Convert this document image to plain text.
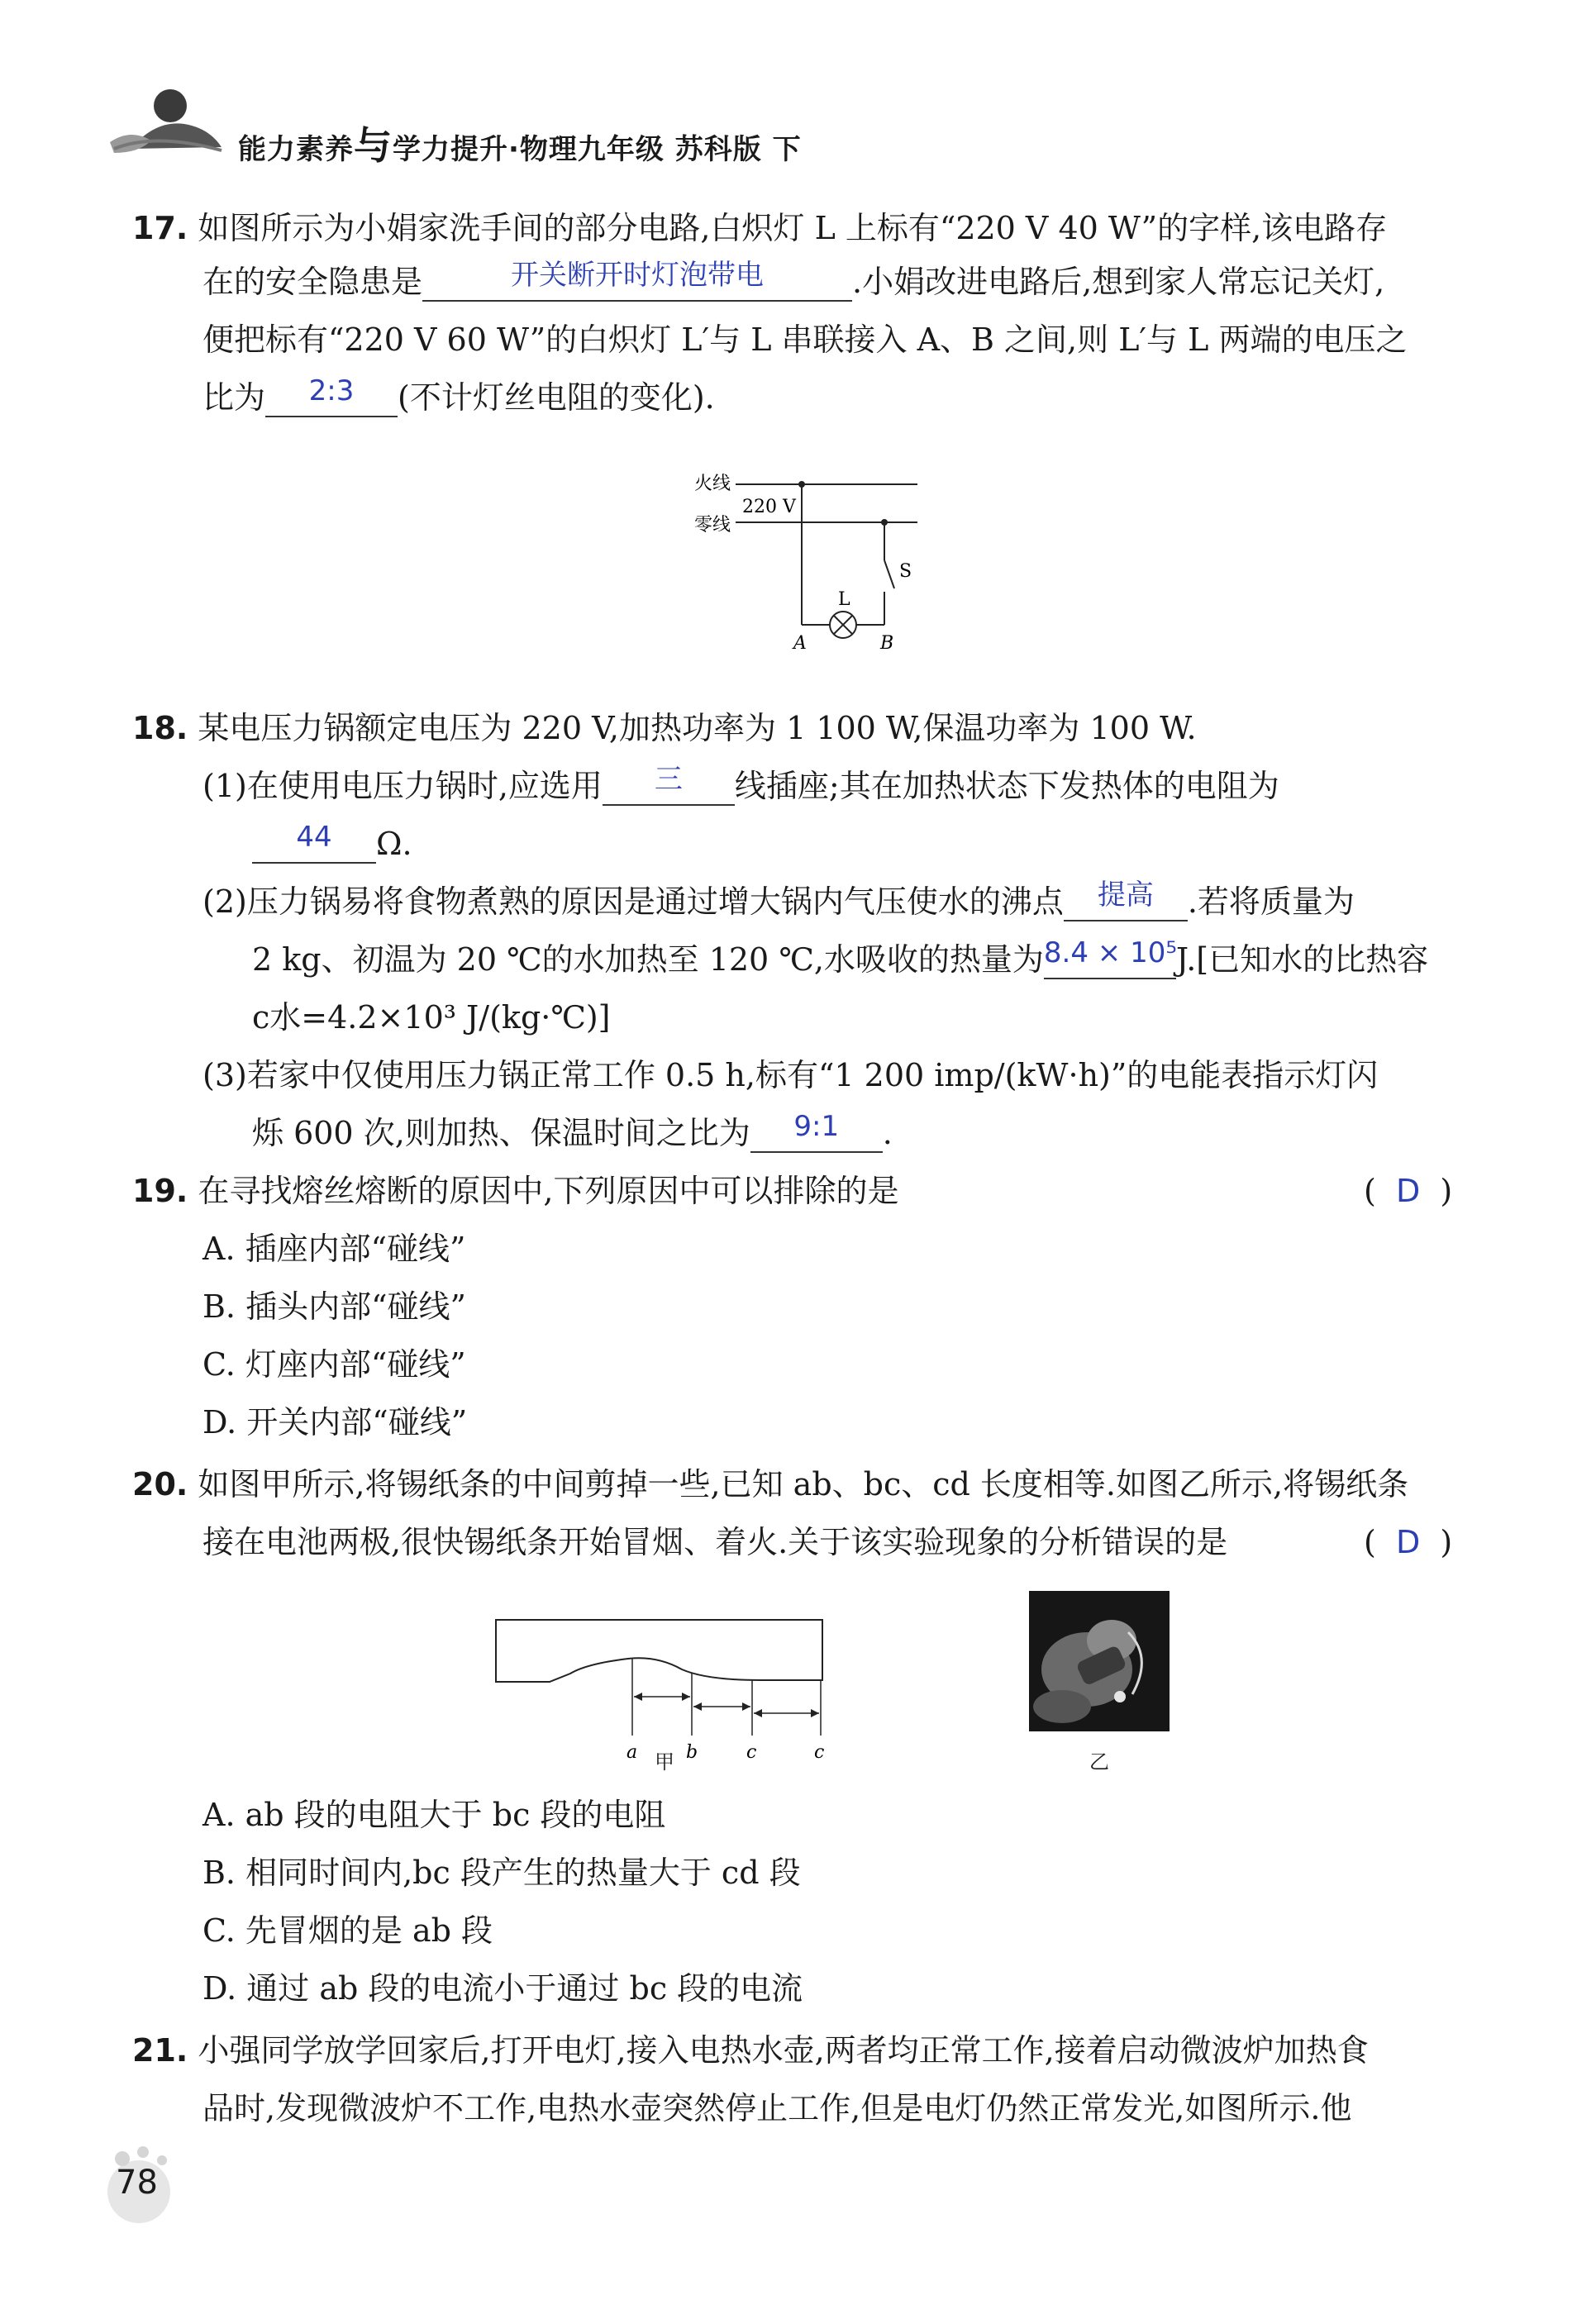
能力素养与学力提升·物理九年级 苏科版 下
17. 如图所示为小娟家洗手间的部分电路,白炽灯 L 上标有“220 V 40 W”的字样,该电路存
在的安全隐患是	开关断开时灯泡带电	.小娟改进电路后,想到家人常忘记关灯,
便把标有“220 V 60 W”的白炽灯 L′与 L 串联接入 A、B 之间,则 L′与 L 两端的电压之
比为 2:3 (不计灯丝电阻的变化).
火线
零线
220 V
L
S
A	B
18. 某电压力锅额定电压为 220 V,加热功率为 1 100 W,保温功率为 100 W.
(1)在使用电压力锅时,应选用 三 线插座;其在加热状态下发热体的电阻为
44 Ω.
(2)压力锅易将食物煮熟的原因是通过增大锅内气压使水的沸点 提高 .若将质量为
2 kg、初温为 20 ℃的水加热至 120 ℃,水吸收的热量为8.4 × 10⁵J.[已知水的比热容
c水=4.2×10³ J/(kg·℃)]
(3)若家中仅使用压力锅正常工作 0.5 h,标有“1 200 imp/(kW·h)”的电能表指示灯闪
烁 600 次,则加热、保温时间之比为 9:1 .
19. 在寻找熔丝熔断的原因中,下列原因中可以排除的是	(  D  )
A. 插座内部“碰线”
B. 插头内部“碰线”
C. 灯座内部“碰线”
D. 开关内部“碰线”
20. 如图甲所示,将锡纸条的中间剪掉一些,已知 ab、bc、cd 长度相等.如图乙所示,将锡纸条
接在电池两极,很快锡纸条开始冒烟、着火.关于该实验现象的分析错误的是	(  D  )
a	b	c	c
甲	乙
A. ab 段的电阻大于 bc 段的电阻
B. 相同时间内,bc 段产生的热量大于 cd 段
C. 先冒烟的是 ab 段
D. 通过 ab 段的电流小于通过 bc 段的电流
21. 小强同学放学回家后,打开电灯,接入电热水壶,两者均正常工作,接着启动微波炉加热食
品时,发现微波炉不工作,电热水壶突然停止工作,但是电灯仍然正常发光,如图所示.他
78
